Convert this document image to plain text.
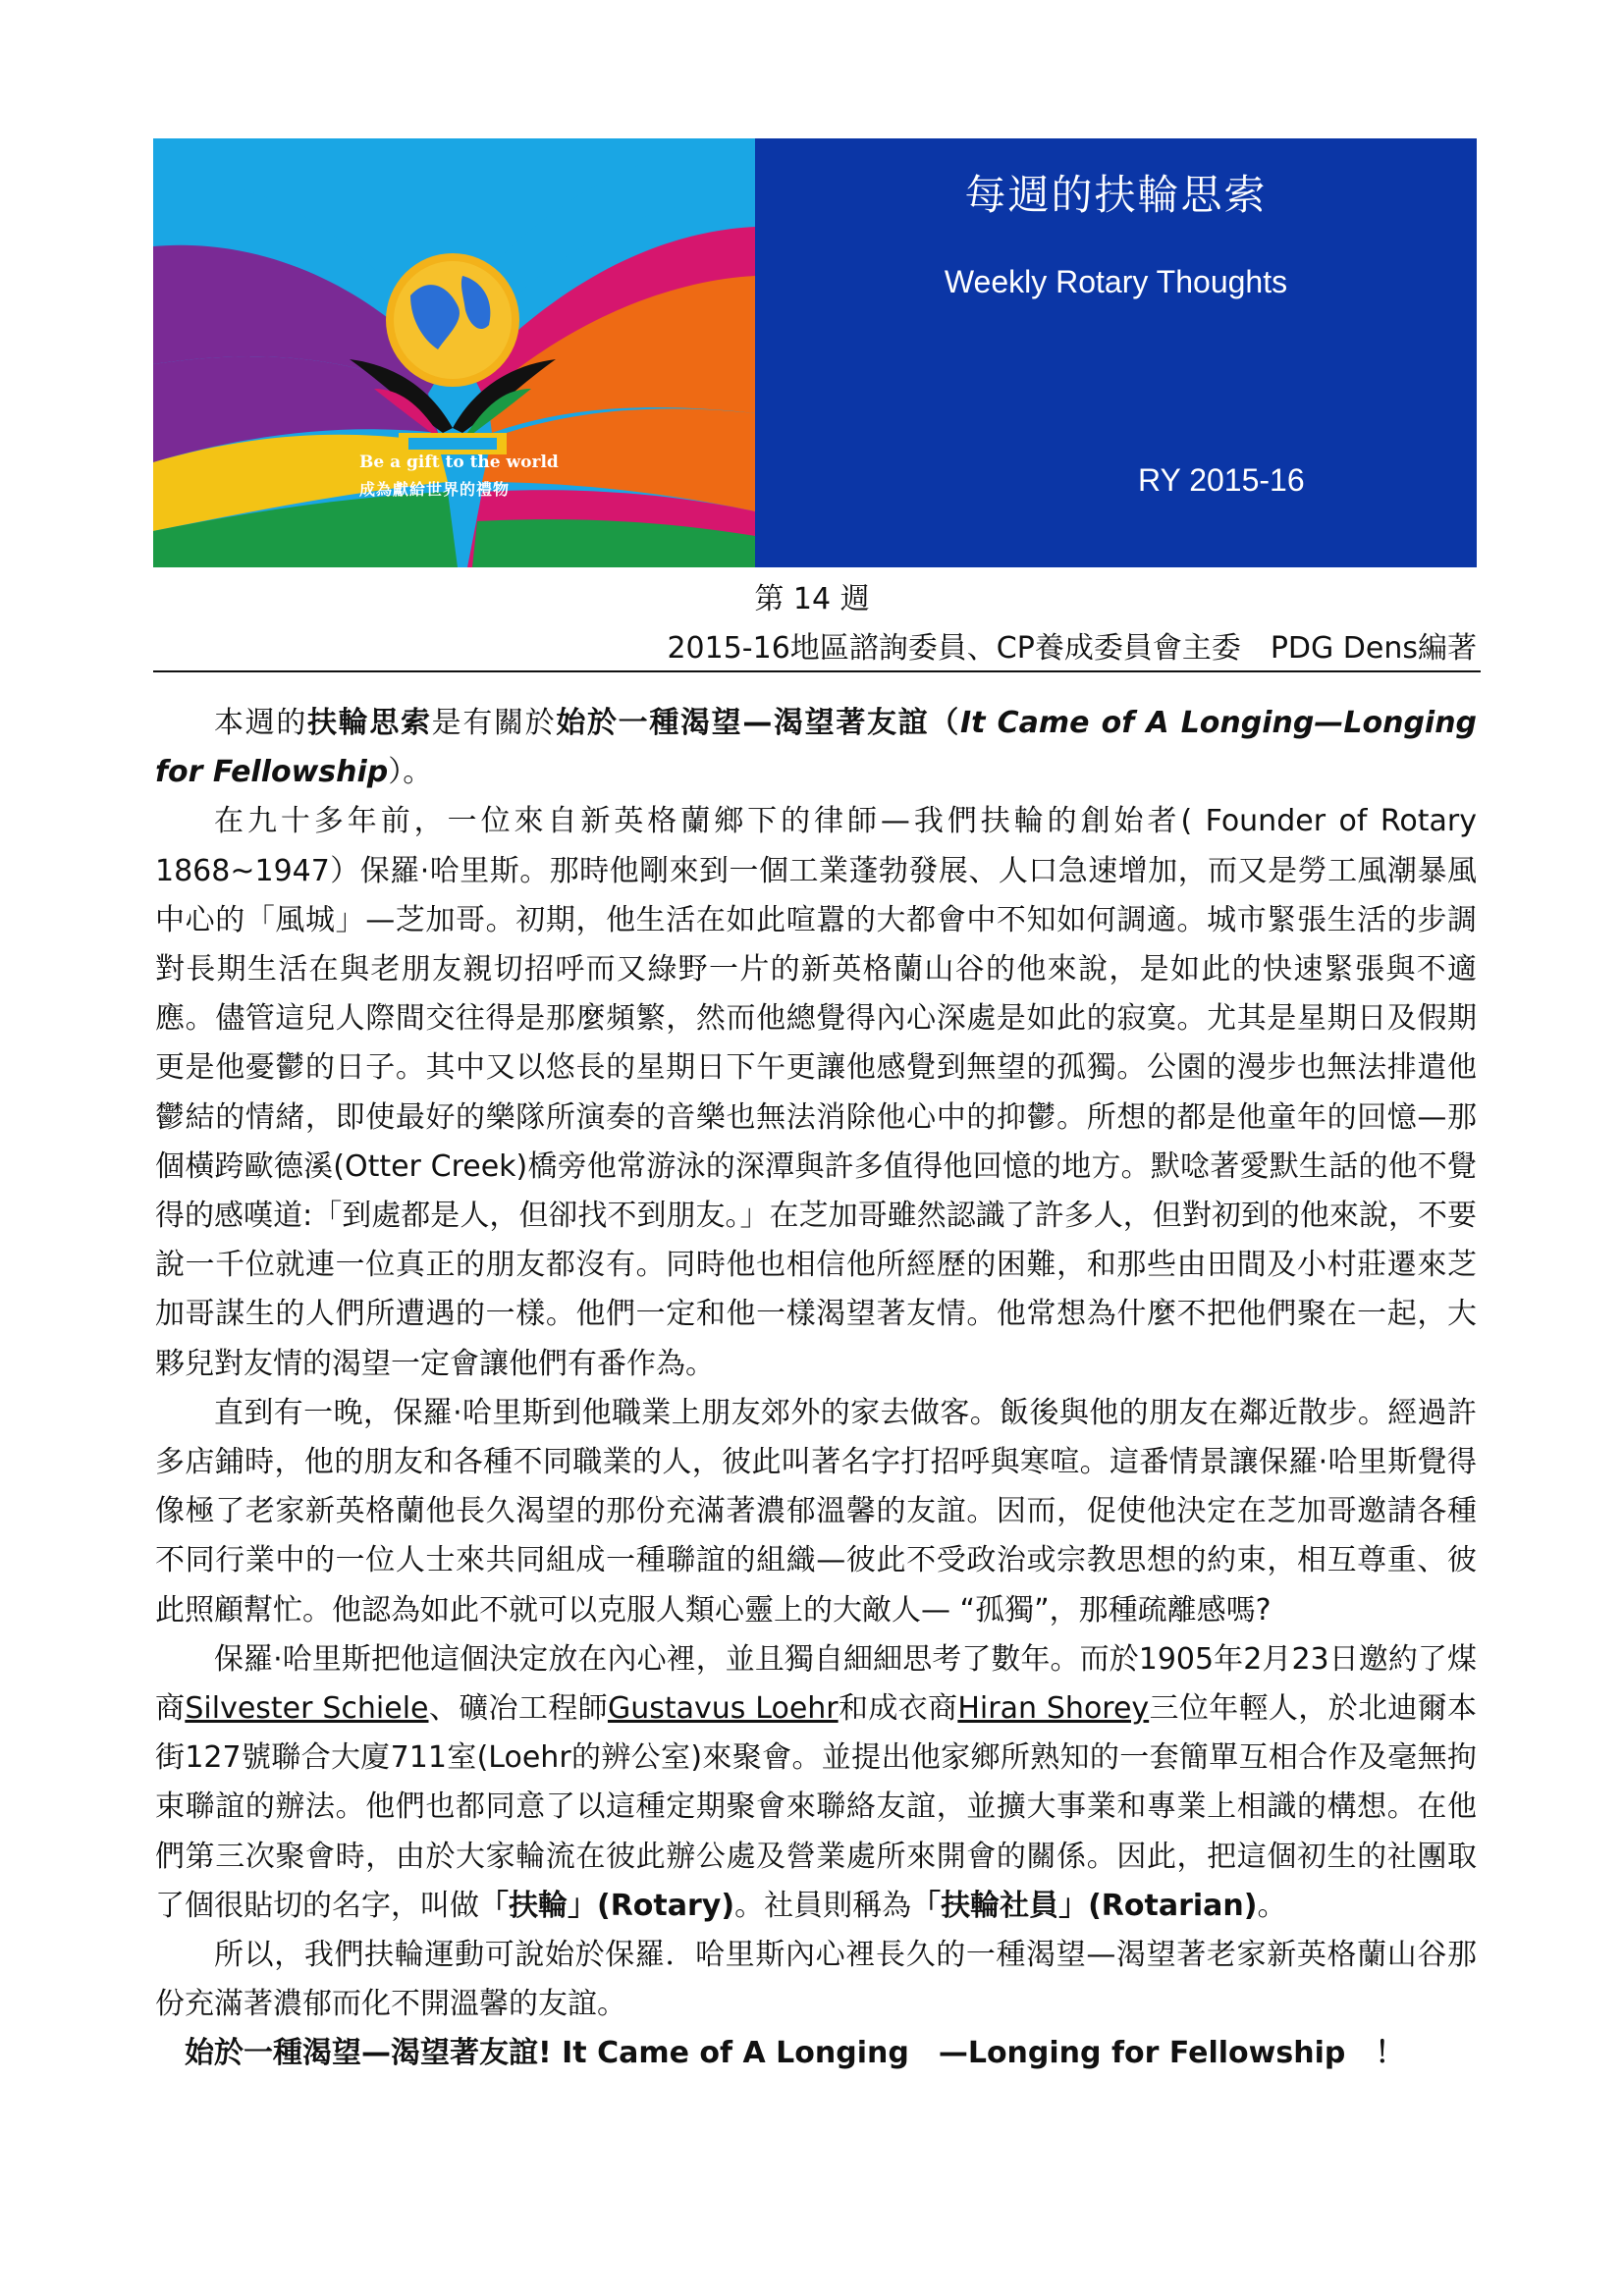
Be a gift to the world
成為獻給世界的禮物
每週的扶輪思索
Weekly Rotary Thoughts
RY 2015-16
第 14 週
2015-16地區諮詢委員、CP養成委員會主委　PDG Dens編著

本週的扶輪思索是有關於始於一種渴望—渴望著友誼（It Came of A Longing—Longing for Fellowship）。

在九十多年前，一位來自新英格蘭鄉下的律師—我們扶輪的創始者( Founder of Rotary 1868~1947）保羅·哈里斯。那時他剛來到一個工業蓬勃發展、人口急速增加，而又是勞工風潮暴風中心的「風城」—芝加哥。初期，他生活在如此喧囂的大都會中不知如何調適。城市緊張生活的步調對長期生活在與老朋友親切招呼而又綠野一片的新英格蘭山谷的他來說，是如此的快速緊張與不適應。儘管這兒人際間交往得是那麼頻繁，然而他總覺得內心深處是如此的寂寞。尤其是星期日及假期更是他憂鬱的日子。其中又以悠長的星期日下午更讓他感覺到無望的孤獨。公園的漫步也無法排遣他鬱結的情緒，即使最好的樂隊所演奏的音樂也無法消除他心中的抑鬱。所想的都是他童年的回憶—那個橫跨歐德溪(Otter Creek)橋旁他常游泳的深潭與許多值得他回憶的地方。默唸著愛默生話的他不覺得的感嘆道:「到處都是人，但卻找不到朋友。」在芝加哥雖然認識了許多人，但對初到的他來說，不要說一千位就連一位真正的朋友都沒有。同時他也相信他所經歷的困難，和那些由田間及小村莊遷來芝加哥謀生的人們所遭遇的一樣。他們一定和他一樣渴望著友情。他常想為什麼不把他們聚在一起，大夥兒對友情的渴望一定會讓他們有番作為。

直到有一晚，保羅·哈里斯到他職業上朋友郊外的家去做客。飯後與他的朋友在鄰近散步。經過許多店鋪時，他的朋友和各種不同職業的人，彼此叫著名字打招呼與寒喧。這番情景讓保羅·哈里斯覺得像極了老家新英格蘭他長久渴望的那份充滿著濃郁溫馨的友誼。因而，促使他決定在芝加哥邀請各種不同行業中的一位人士來共同組成一種聯誼的組織—彼此不受政治或宗教思想的約束，相互尊重、彼此照顧幫忙。他認為如此不就可以克服人類心靈上的大敵人— “孤獨”，那種疏離感嗎?

保羅·哈里斯把他這個決定放在內心裡，並且獨自細細思考了數年。而於1905年2月23日邀約了煤商Silvester Schiele、礦冶工程師Gustavus Loehr和成衣商Hiran Shorey三位年輕人，於北迪爾本街127號聯合大廈711室(Loehr的辨公室)來聚會。並提出他家鄉所熟知的一套簡單互相合作及毫無拘束聯誼的辦法。他們也都同意了以這種定期聚會來聯絡友誼，並擴大事業和專業上相識的構想。在他們第三次聚會時，由於大家輪流在彼此辦公處及營業處所來開會的關係。因此，把這個初生的社團取了個很貼切的名字，叫做「扶輪」(Rotary)。社員則稱為「扶輪社員」(Rotarian)。

所以，我們扶輪運動可說始於保羅．哈里斯內心裡長久的一種渴望—渴望著老家新英格蘭山谷那份充滿著濃郁而化不開溫馨的友誼。

始於一種渴望—渴望著友誼! It Came of A Longing　—Longing for Fellowship　！
